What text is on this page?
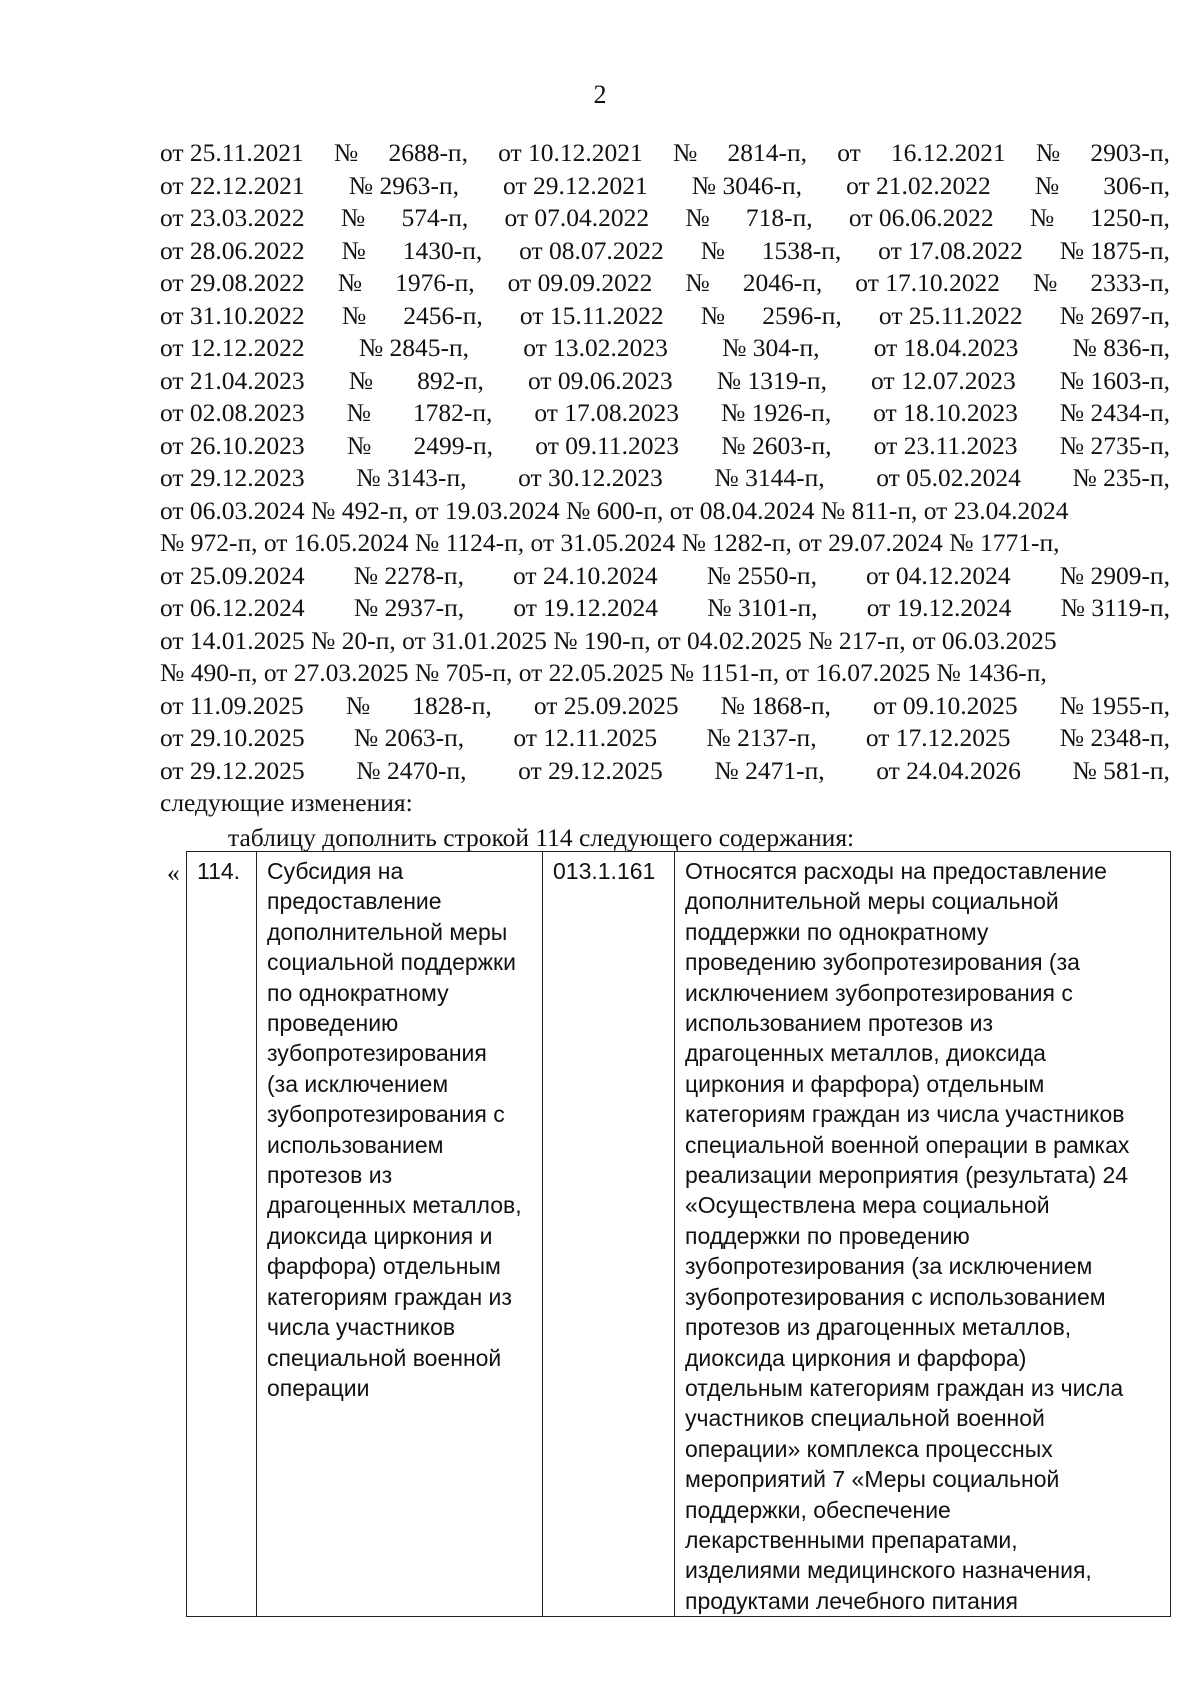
2
от 25.11.2021 № 2688-п, от 10.12.2021 № 2814-п, от 16.12.2021 № 2903-п,
от 22.12.2021 № 2963-п, от 29.12.2021 № 3046-п, от 21.02.2022 № 306-п,
от 23.03.2022 № 574-п, от 07.04.2022 № 718-п, от 06.06.2022 № 1250-п,
от 28.06.2022 № 1430-п, от 08.07.2022 № 1538-п, от 17.08.2022 № 1875-п,
от 29.08.2022 № 1976-п, от 09.09.2022 № 2046-п, от 17.10.2022 № 2333-п,
от 31.10.2022 № 2456-п, от 15.11.2022 № 2596-п, от 25.11.2022 № 2697-п,
от 12.12.2022 № 2845-п, от 13.02.2023 № 304-п, от 18.04.2023 № 836-п,
от 21.04.2023 № 892-п, от 09.06.2023 № 1319-п, от 12.07.2023 № 1603-п,
от 02.08.2023 № 1782-п, от 17.08.2023 № 1926-п, от 18.10.2023 № 2434-п,
от 26.10.2023 № 2499-п, от 09.11.2023 № 2603-п, от 23.11.2023 № 2735-п,
от 29.12.2023 № 3143-п, от 30.12.2023 № 3144-п, от 05.02.2024 № 235-п,
от 06.03.2024 № 492-п, от 19.03.2024 № 600-п, от 08.04.2024 № 811-п, от 23.04.2024
№ 972-п, от 16.05.2024 № 1124-п, от 31.05.2024 № 1282-п, от 29.07.2024 № 1771-п,
от 25.09.2024 № 2278-п, от 24.10.2024 № 2550-п, от 04.12.2024 № 2909-п,
от 06.12.2024 № 2937-п, от 19.12.2024 № 3101-п, от 19.12.2024 № 3119-п,
от 14.01.2025 № 20-п, от 31.01.2025 № 190-п, от 04.02.2025 № 217-п, от 06.03.2025
№ 490-п, от 27.03.2025 № 705-п, от 22.05.2025 № 1151-п, от 16.07.2025 № 1436-п,
от 11.09.2025 № 1828-п, от 25.09.2025 № 1868-п, от 09.10.2025 № 1955-п,
от 29.10.2025 № 2063-п, от 12.11.2025 № 2137-п, от 17.12.2025 № 2348-п,
от 29.12.2025 № 2470-п, от 29.12.2025 № 2471-п, от 24.04.2026 № 581-п,
следующие изменения:
таблицу дополнить строкой 114 следующего содержания:
« 114.	Субсидия на
предоставление
дополнительной меры
социальной поддержки
по однократному
проведению
зубопротезирования
(за исключением
зубопротезирования с
использованием
протезов из
драгоценных металлов,
диоксида циркония и
фарфора) отдельным
категориям граждан из
числа участников
специальной военной
операции
	013.1.161	Относятся расходы на предоставление
дополнительной меры социальной
поддержки по однократному
проведению зубопротезирования (за
исключением зубопротезирования с
использованием протезов из
драгоценных металлов, диоксида
циркония и фарфора) отдельным
категориям граждан из числа участников
специальной военной операции в рамках
реализации мероприятия (результата) 24
«Осуществлена мера социальной
поддержки по проведению
зубопротезирования (за исключением
зубопротезирования с использованием
протезов из драгоценных металлов,
диоксида циркония и фарфора)
отдельным категориям граждан из числа
участников специальной военной
операции» комплекса процессных
мероприятий 7 «Меры социальной
поддержки, обеспечение
лекарственными препаратами,
изделиями медицинского назначения,
продуктами лечебного питания
